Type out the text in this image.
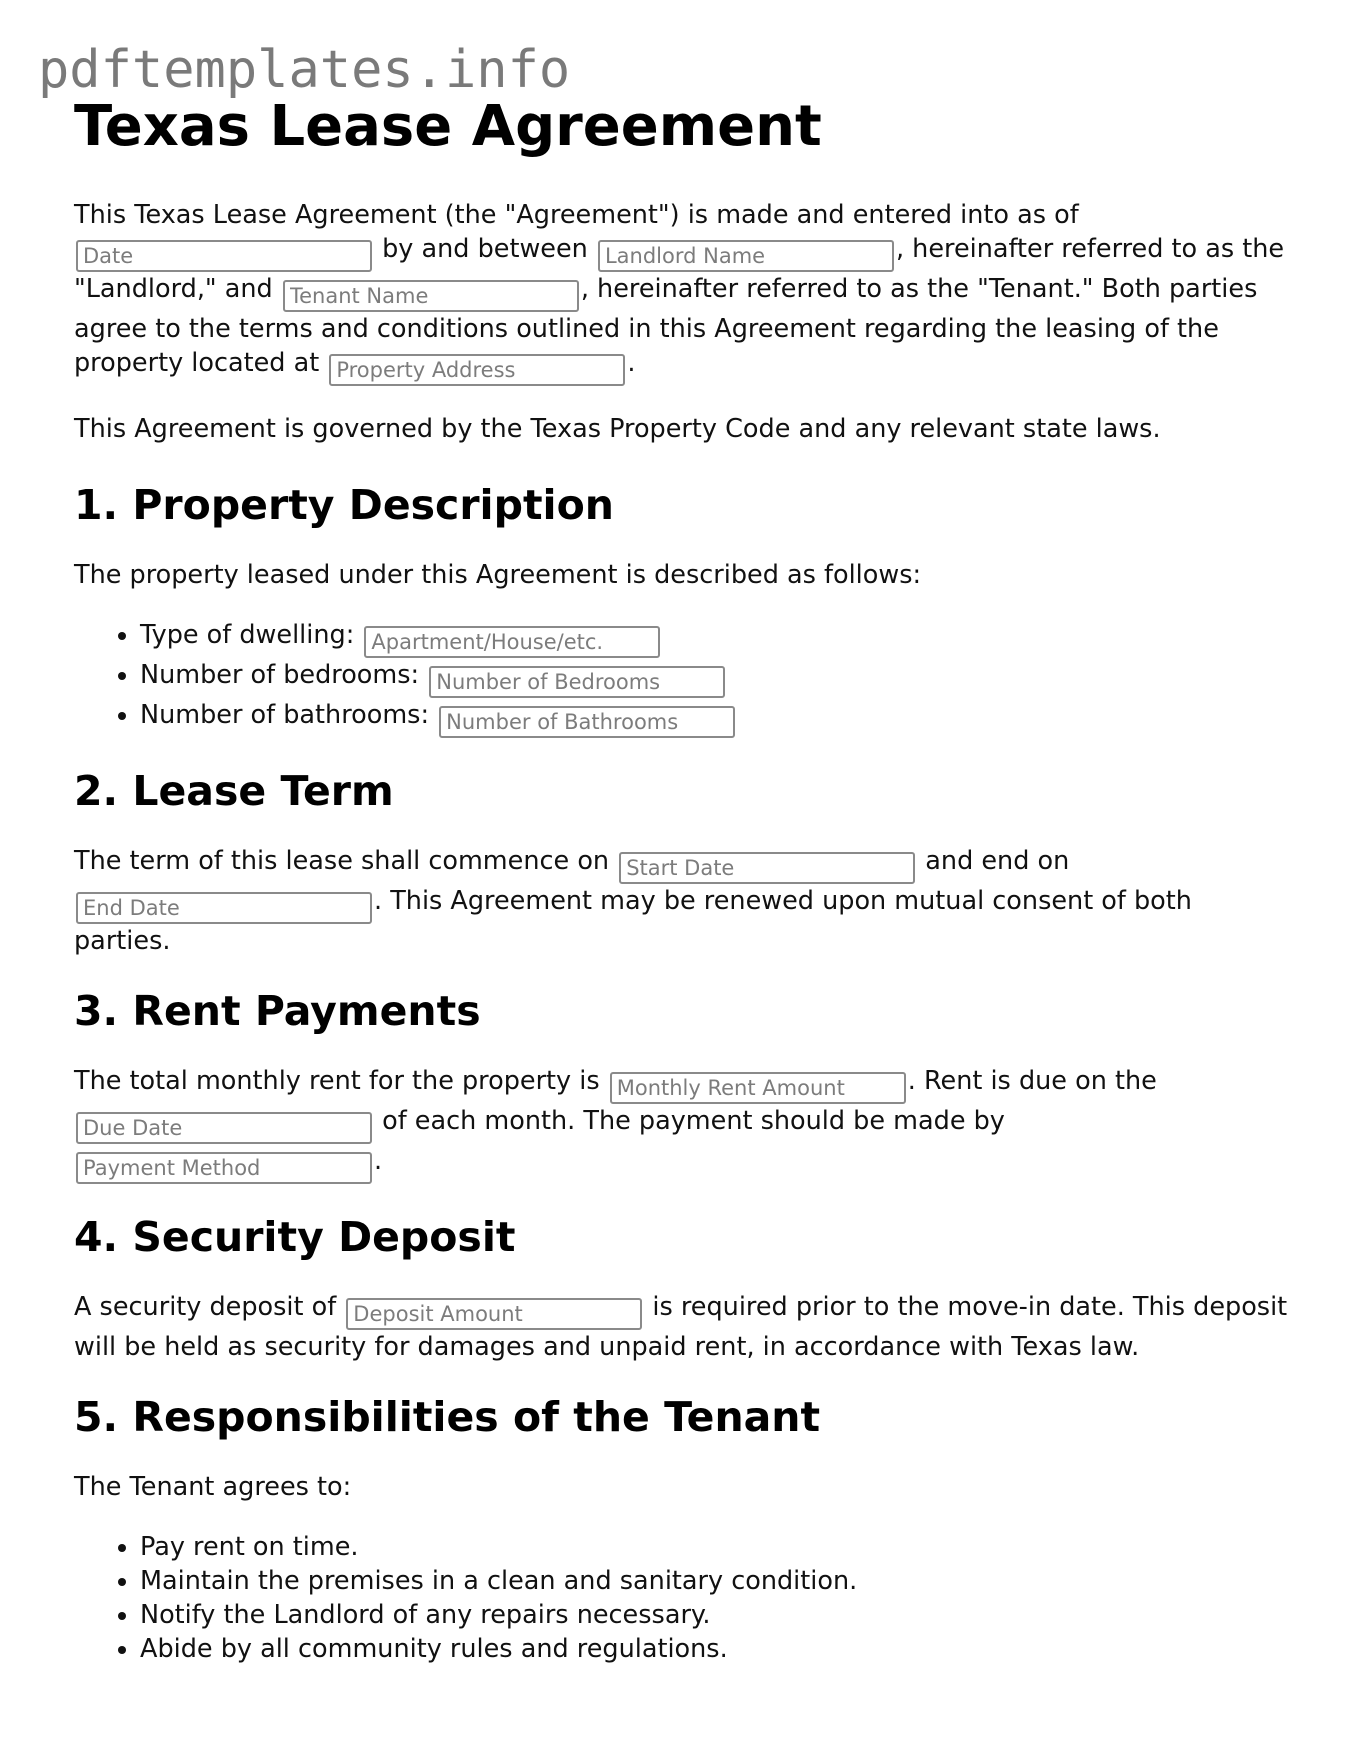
pdftemplates.info
Texas Lease Agreement

This Texas Lease Agreement (the "Agreement") is made and entered into as of
Date by and between Landlord Name	, hereinafter referred to as the "Landlord," and Tenant Name	, hereinafter referred to as the "Tenant." Both parties agree to the terms and conditions outlined in this Agreement regarding the leasing of the property located at Property Address	.

This Agreement is governed by the Texas Property Code and any relevant state laws.

1. Property Description

The property leased under this Agreement is described as follows:

• Type of dwelling: Apartment/House/etc.
• Number of bedrooms: Number of Bedrooms
• Number of bathrooms: Number of Bathrooms
2. Lease Term

The term of this lease shall commence on Start Date	and end on
End Date. This Agreement may be renewed upon mutual consent of both parties.

3. Rent Payments

The total monthly rent for the property is Monthly Rent Amount	. Rent is due on the
Due Date of each month. The payment should be made by
Payment Method.

4. Security Deposit

A security deposit of Deposit Amount	is required prior to the move-in date. This deposit will be held as security for damages and unpaid rent, in accordance with Texas law.

5. Responsibilities of the Tenant

The Tenant agrees to:

• Pay rent on time.
• Maintain the premises in a clean and sanitary condition.
• Notify the Landlord of any repairs necessary.
• Abide by all community rules and regulations.
